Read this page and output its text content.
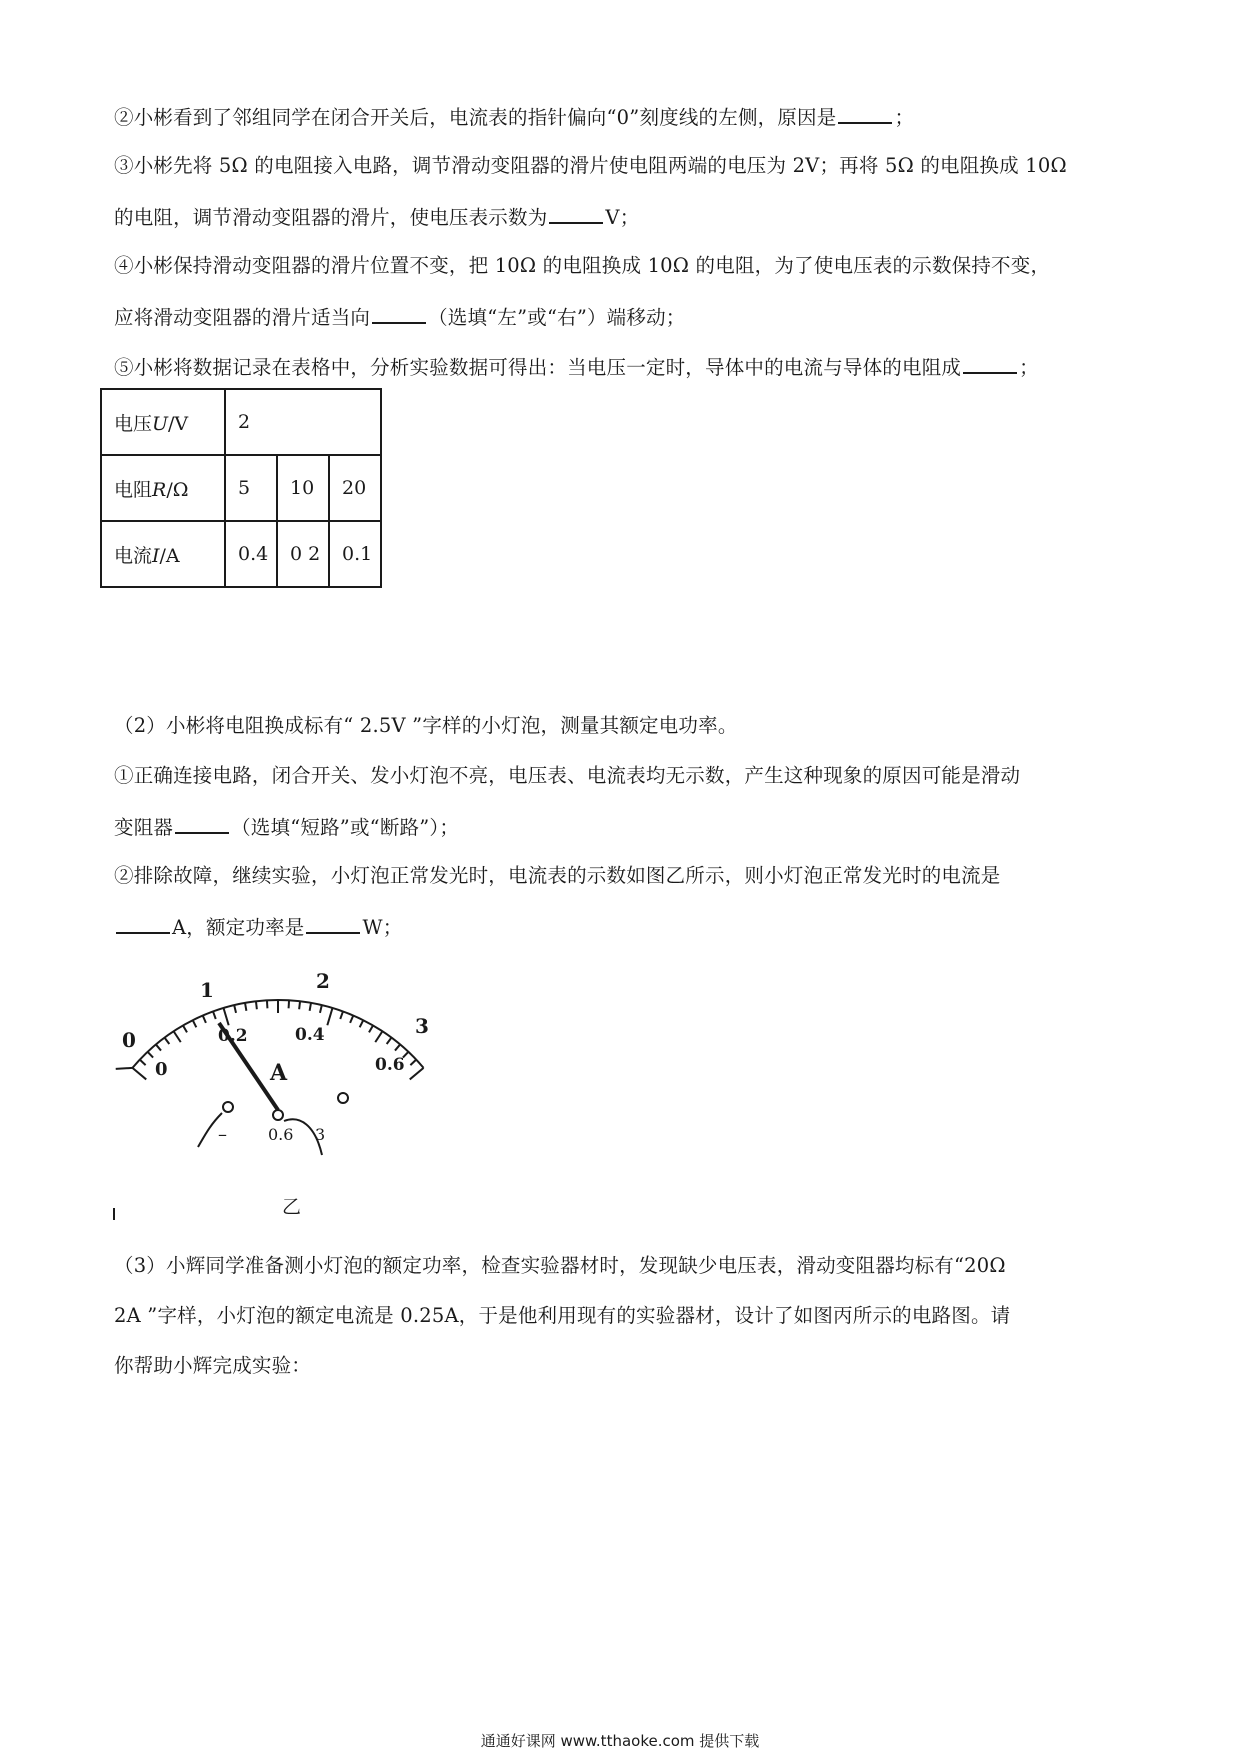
②小彬看到了邻组同学在闭合开关后，电流表的指针偏向“0”刻度线的左侧，原因是	；
③小彬先将 5Ω 的电阻接入电路，调节滑动变阻器的滑片使电阻两端的电压为 2V；再将 5Ω 的电阻换成 10Ω
的电阻，调节滑动变阻器的滑片，使电压表示数为	V；
④小彬保持滑动变阻器的滑片位置不变，把 10Ω 的电阻换成 10Ω 的电阻，为了使电压表的示数保持不变，
应将滑动变阻器的滑片适当向	（选填“左”或“右”）端移动；
⑤小彬将数据记录在表格中，分析实验数据可得出：当电压一定时，导体中的电流与导体的电阻成	；
电压U/V	2		
电阻R/Ω	5	10	20
电流I/A	0.4	0 2	0.1
（2）小彬将电阻换成标有“ 2.5V ”字样的小灯泡，测量其额定电功率。
①正确连接电路，闭合开关、发小灯泡不亮，电压表、电流表均无示数，产生这种现象的原因可能是滑动
变阻器	（选填“短路”或“断路”）；
②排除故障，继续实验，小灯泡正常发光时，电流表的示数如图乙所示，则小灯泡正常发光时的电流是
A，额定功率是	W；
0
1	2
3
0
0.2	0.4
0.6
A
–	0.6 3
乙
（3）小辉同学准备测小灯泡的额定功率，检查实验器材时，发现缺少电压表，滑动变阻器均标有“20Ω
2A ”字样，小灯泡的额定电流是 0.25A，于是他利用现有的实验器材，设计了如图丙所示的电路图。请
你帮助小辉完成实验：
通通好课网 www.tthaoke.com 提供下载
